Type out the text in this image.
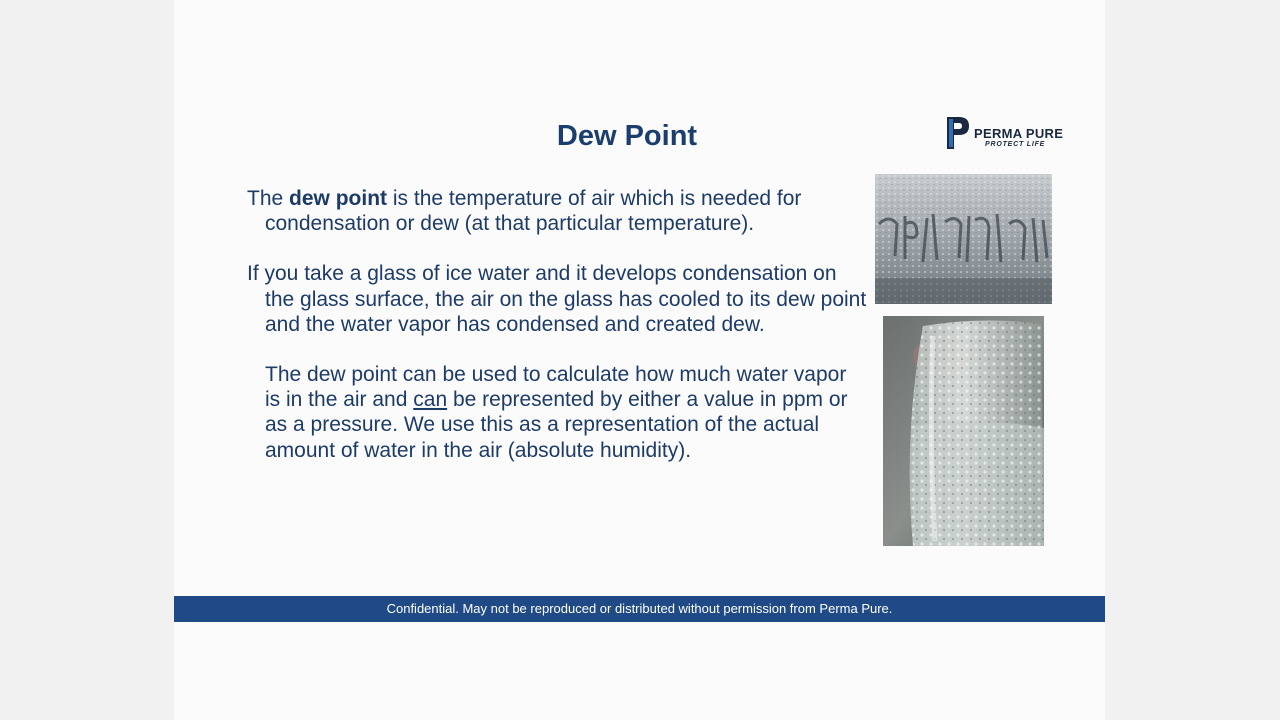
Dew Point	PERMA PURE
PROTECT LIFE

The dew point is the temperature of air which is needed for condensation or dew (at that particular temperature).

If you take a glass of ice water and it develops condensation on the glass surface, the air on the glass has cooled to its dew point and the water vapor has condensed and created dew.

The dew point can be used to calculate how much water vapor is in the air and can be represented by either a value in ppm or as a pressure. We use this as a representation of the actual amount of water in the air (absolute humidity).

Confidential. May not be reproduced or distributed without permission from Perma Pure.
